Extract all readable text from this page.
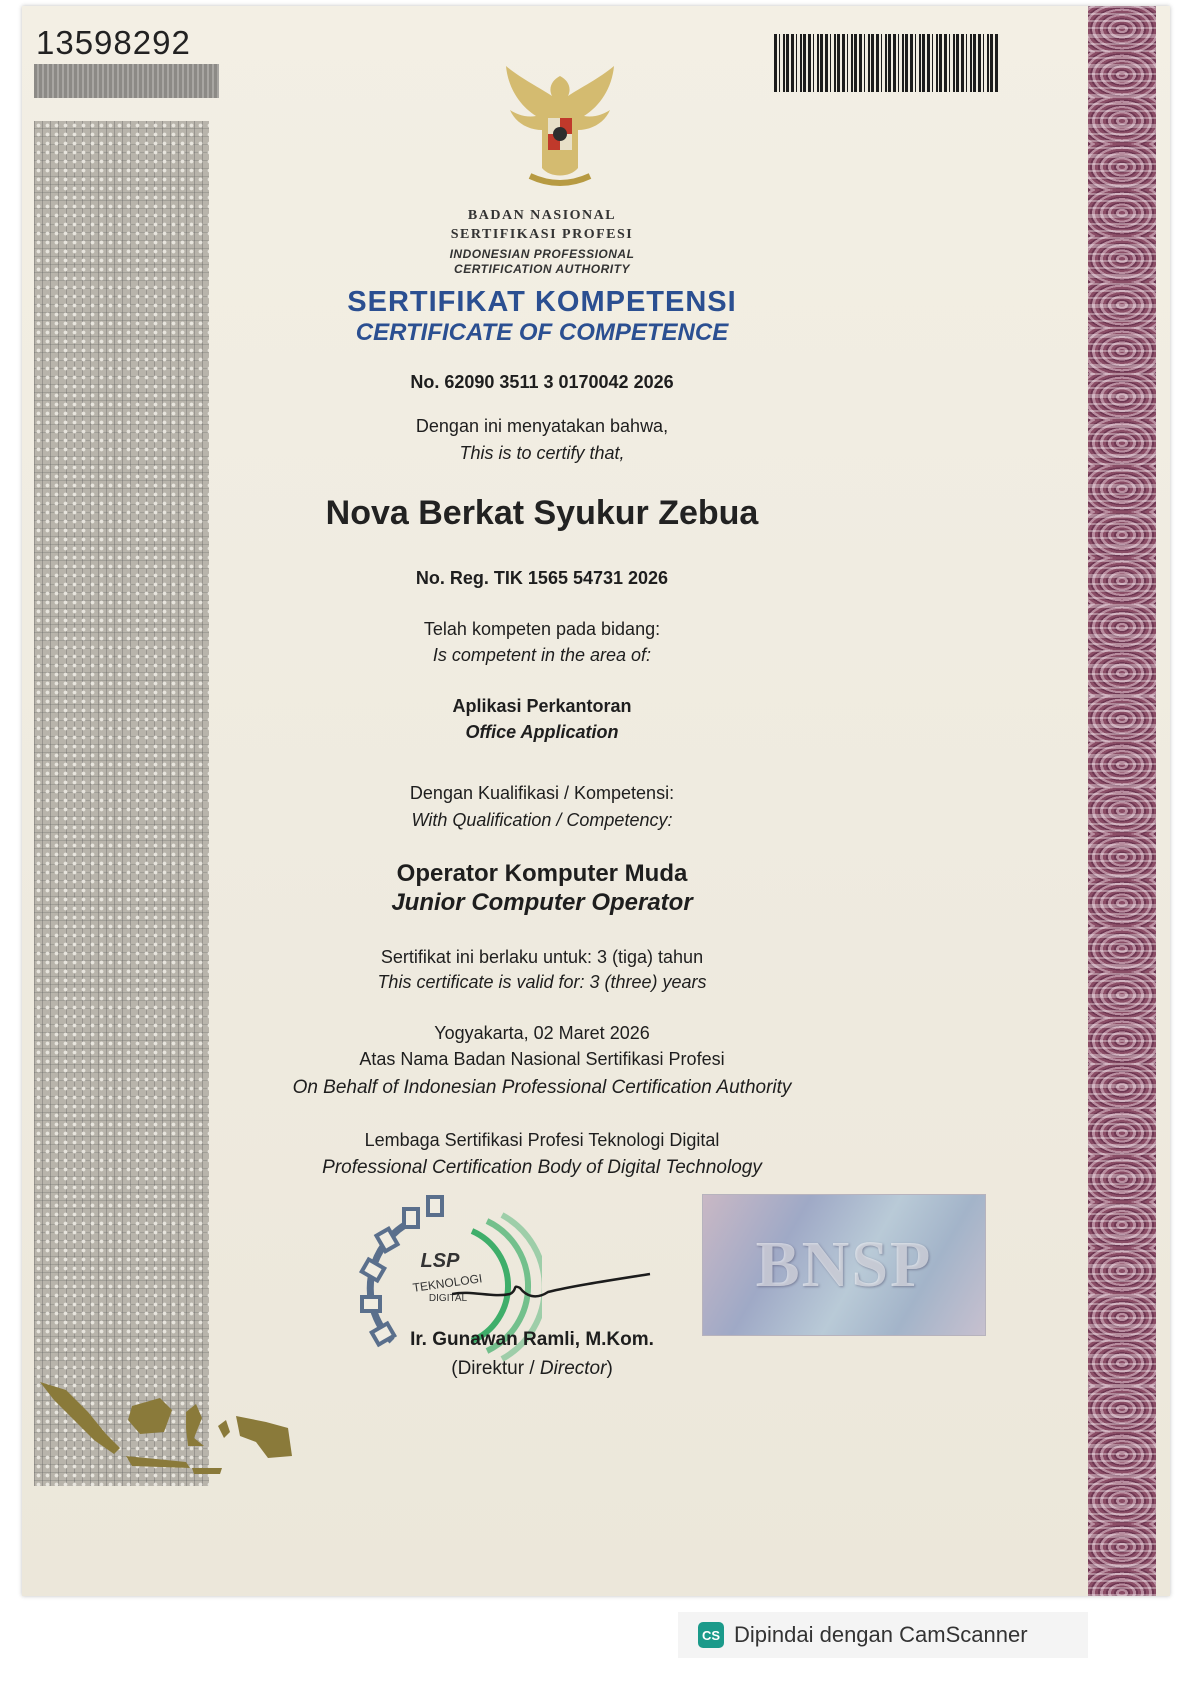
13598292
BADAN NASIONAL
SERTIFIKASI PROFESI
INDONESIAN PROFESSIONAL
CERTIFICATION AUTHORITY
SERTIFIKAT KOMPETENSI
CERTIFICATE OF COMPETENCE
No. 62090 3511 3 0170042 2026
Dengan ini menyatakan bahwa,
This is to certify that,
Nova Berkat Syukur Zebua
No. Reg. TIK 1565 54731 2026
Telah kompeten pada bidang:
Is competent in the area of:
Aplikasi Perkantoran
Office Application
Dengan Kualifikasi / Kompetensi:
With Qualification / Competency:
Operator Komputer Muda
Junior Computer Operator
Sertifikat ini berlaku untuk: 3 (tiga) tahun
This certificate is valid for: 3 (three) years
Yogyakarta, 02 Maret 2026
Atas Nama Badan Nasional Sertifikasi Profesi
On Behalf of Indonesian Professional Certification Authority
Lembaga Sertifikasi Profesi Teknologi Digital
Professional Certification Body of Digital Technology
LSP
TEKNOLOGI
DIGITAL
Ir. Gunawan Ramli, M.Kom.
(Direktur / Director)
BNSP
CS Dipindai dengan CamScanner
